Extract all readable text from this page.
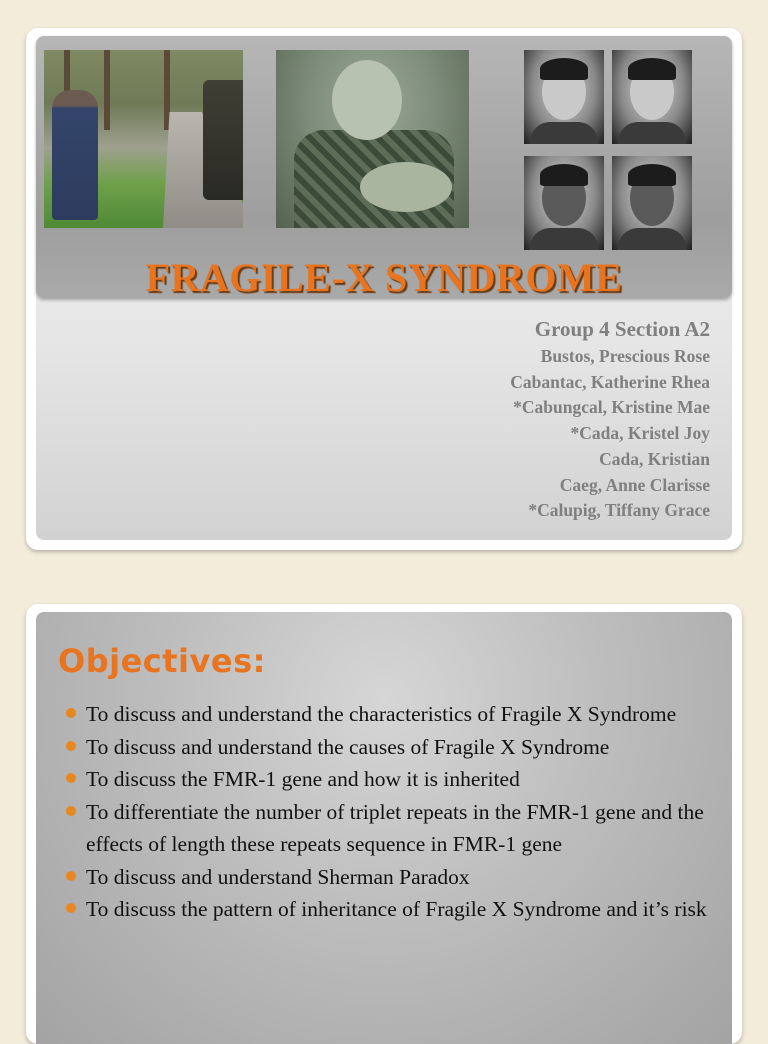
FRAGILE-X SYNDROME
Group 4 Section A2
Bustos, Prescious Rose
Cabantac, Katherine Rhea
*Cabungcal, Kristine Mae
*Cada, Kristel Joy
Cada, Kristian
Caeg, Anne Clarisse
*Calupig, Tiffany Grace
Objectives:
To discuss and understand the characteristics of Fragile X Syndrome
To discuss and understand the causes of Fragile X Syndrome
To discuss the FMR-1 gene and how it is inherited
To differentiate the number of triplet repeats in the FMR-1 gene and the effects of length these repeats sequence in FMR-1 gene
To discuss and understand Sherman Paradox
To discuss the pattern of inheritance of Fragile X Syndrome and it’s risk
